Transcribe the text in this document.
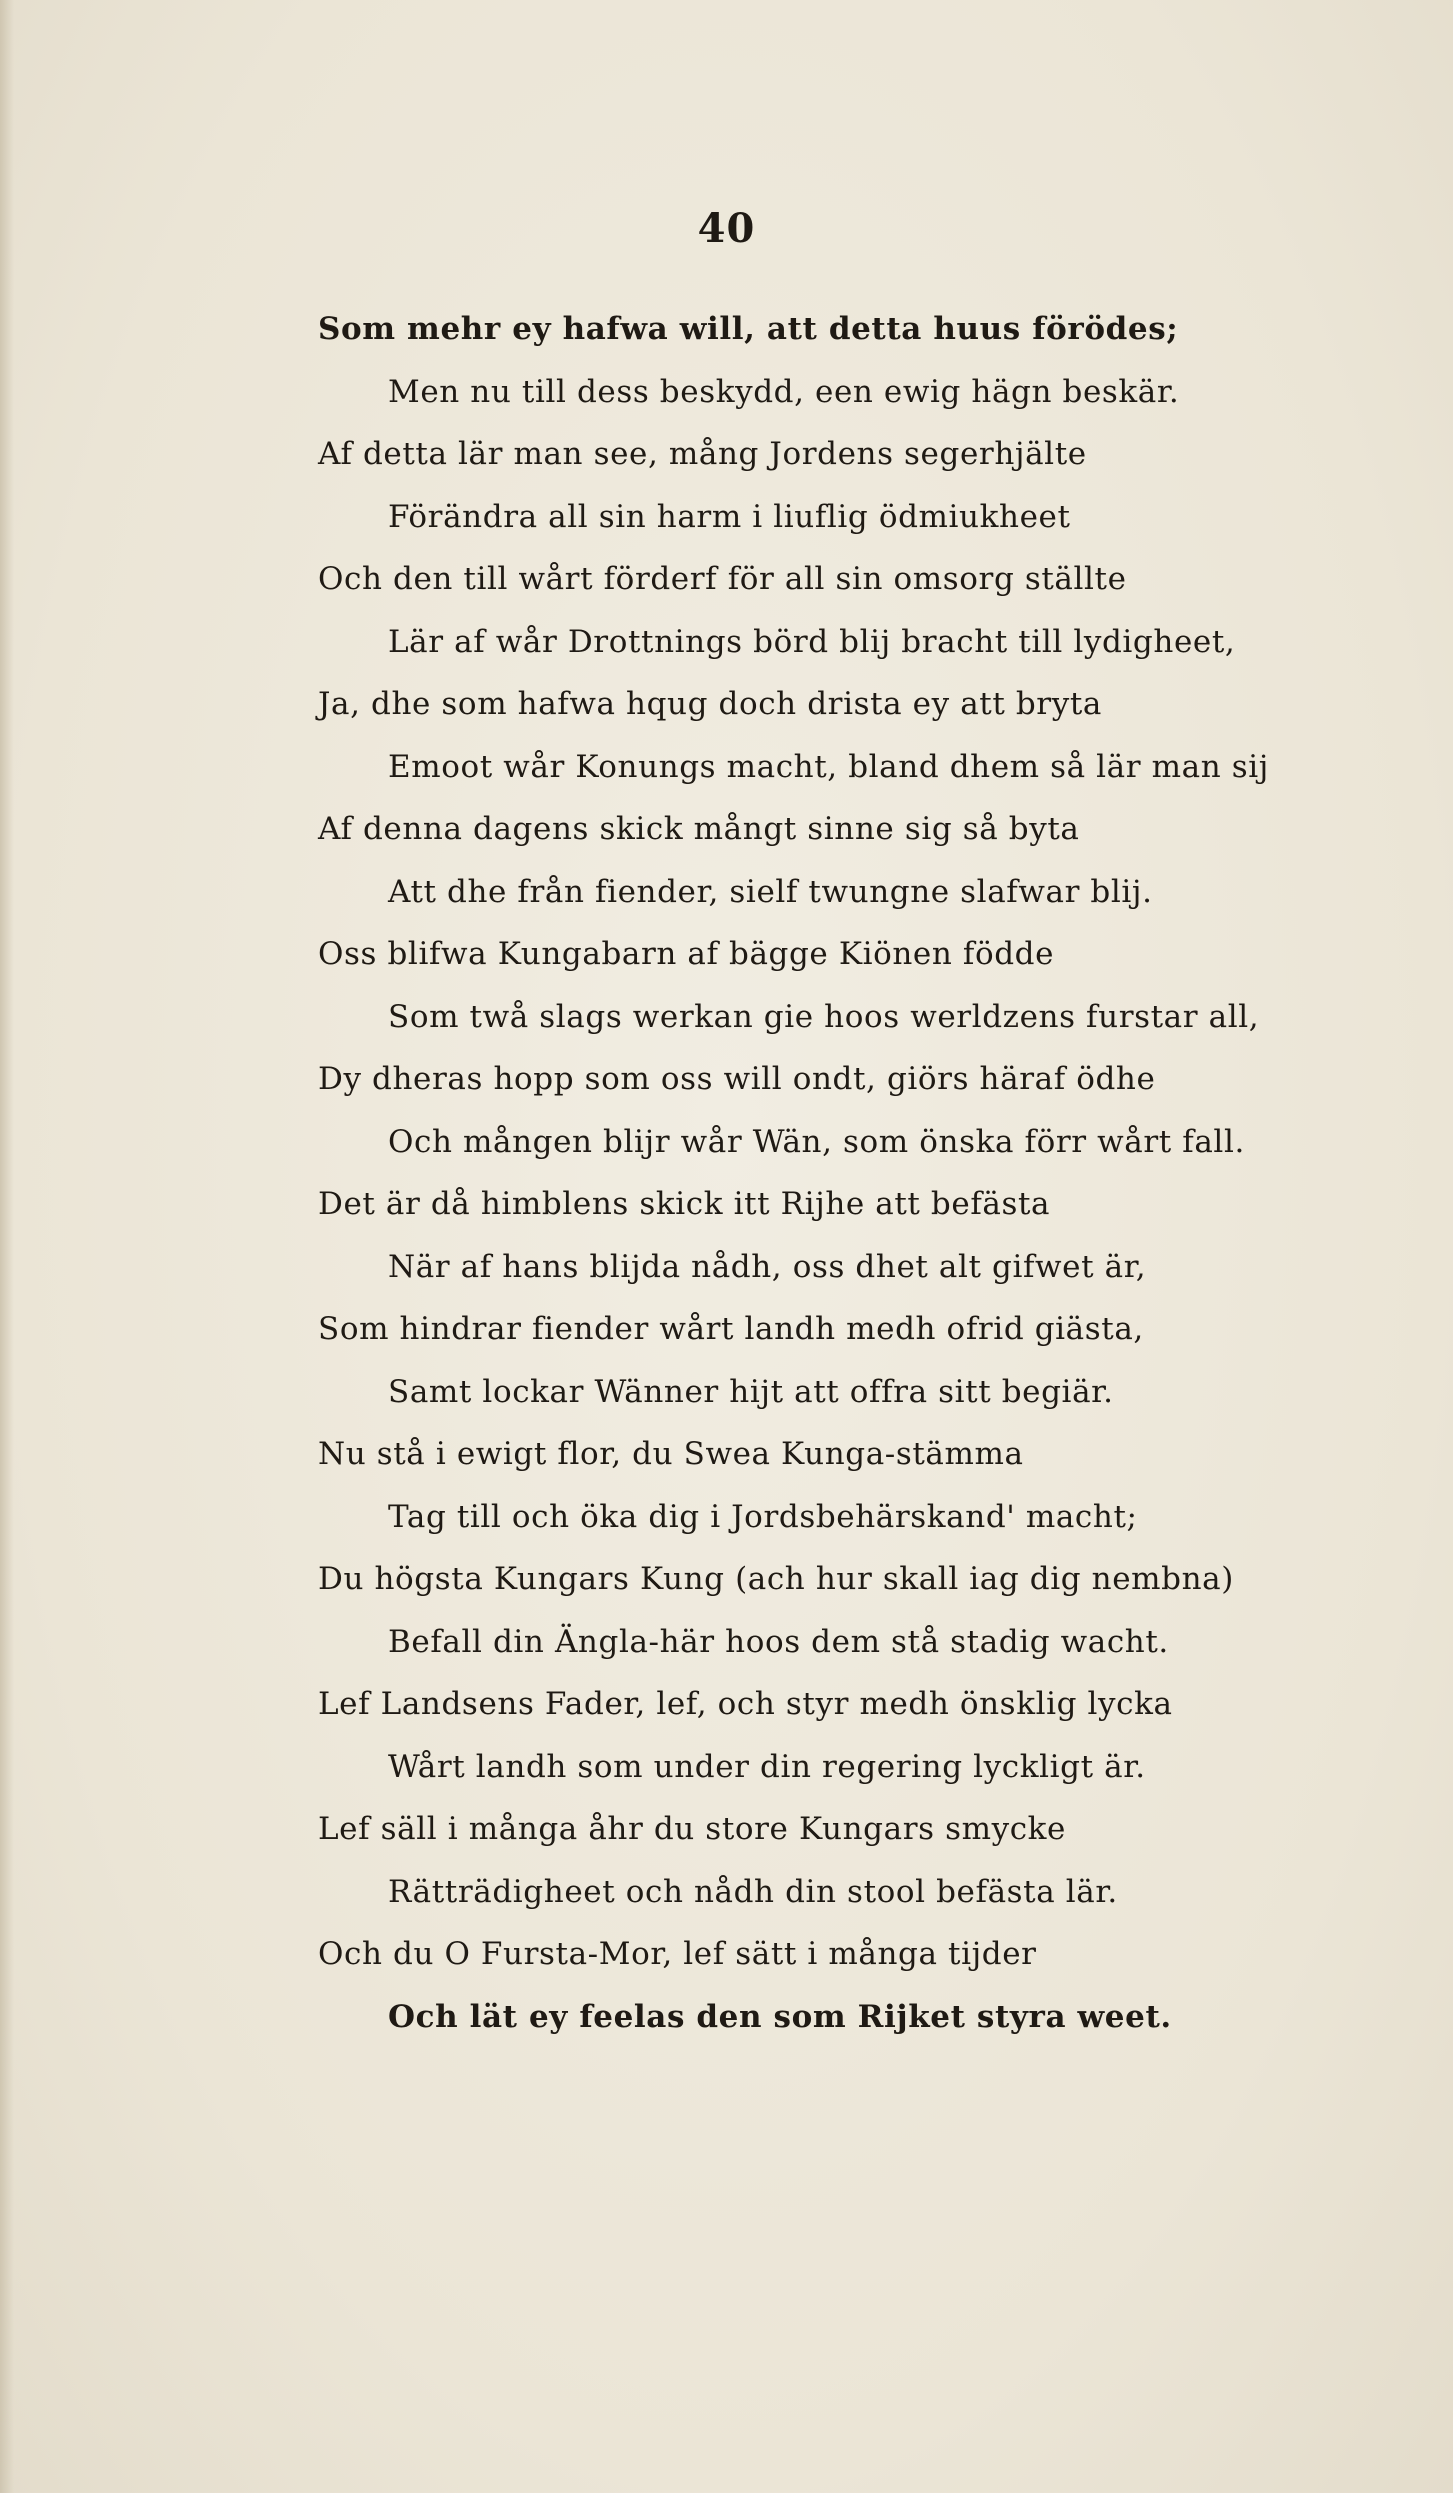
40
Som mehr ey hafwa will, att detta huus förödes;
Men nu till dess beskydd, een ewig hägn beskär.
Af detta lär man see, mång Jordens segerhjälte
Förändra all sin harm i liuflig ödmiukheet
Och den till wårt förderf för all sin omsorg ställte
Lär af wår Drottnings börd blij bracht till lydigheet,
Ja, dhe som hafwa hqug doch drista ey att bryta
Emoot wår Konungs macht, bland dhem så lär man sij
Af denna dagens skick mångt sinne sig så byta
Att dhe från fiender, sielf twungne slafwar blij.
Oss blifwa Kungabarn af bägge Kiönen födde
Som twå slags werkan gie hoos werldzens furstar all,
Dy dheras hopp som oss will ondt, giörs häraf ödhe
Och mången blijr wår Wän, som önska förr wårt fall.
Det är då himblens skick itt Rijhe att befästa
När af hans blijda nådh, oss dhet alt gifwet är,
Som hindrar fiender wårt landh medh ofrid giästa,
Samt lockar Wänner hijt att offra sitt begiär.
Nu stå i ewigt flor, du Swea Kunga-stämma
Tag till och öka dig i Jordsbehärskand' macht;
Du högsta Kungars Kung (ach hur skall iag dig nembna)
Befall din Ängla-här hoos dem stå stadig wacht.
Lef Landsens Fader, lef, och styr medh önsklig lycka
Wårt landh som under din regering lyckligt är.
Lef säll i många åhr du store Kungars smycke
Rätträdigheet och nådh din stool befästa lär.
Och du O Fursta-Mor, lef sätt i många tijder
Och lät ey feelas den som Rijket styra weet.
